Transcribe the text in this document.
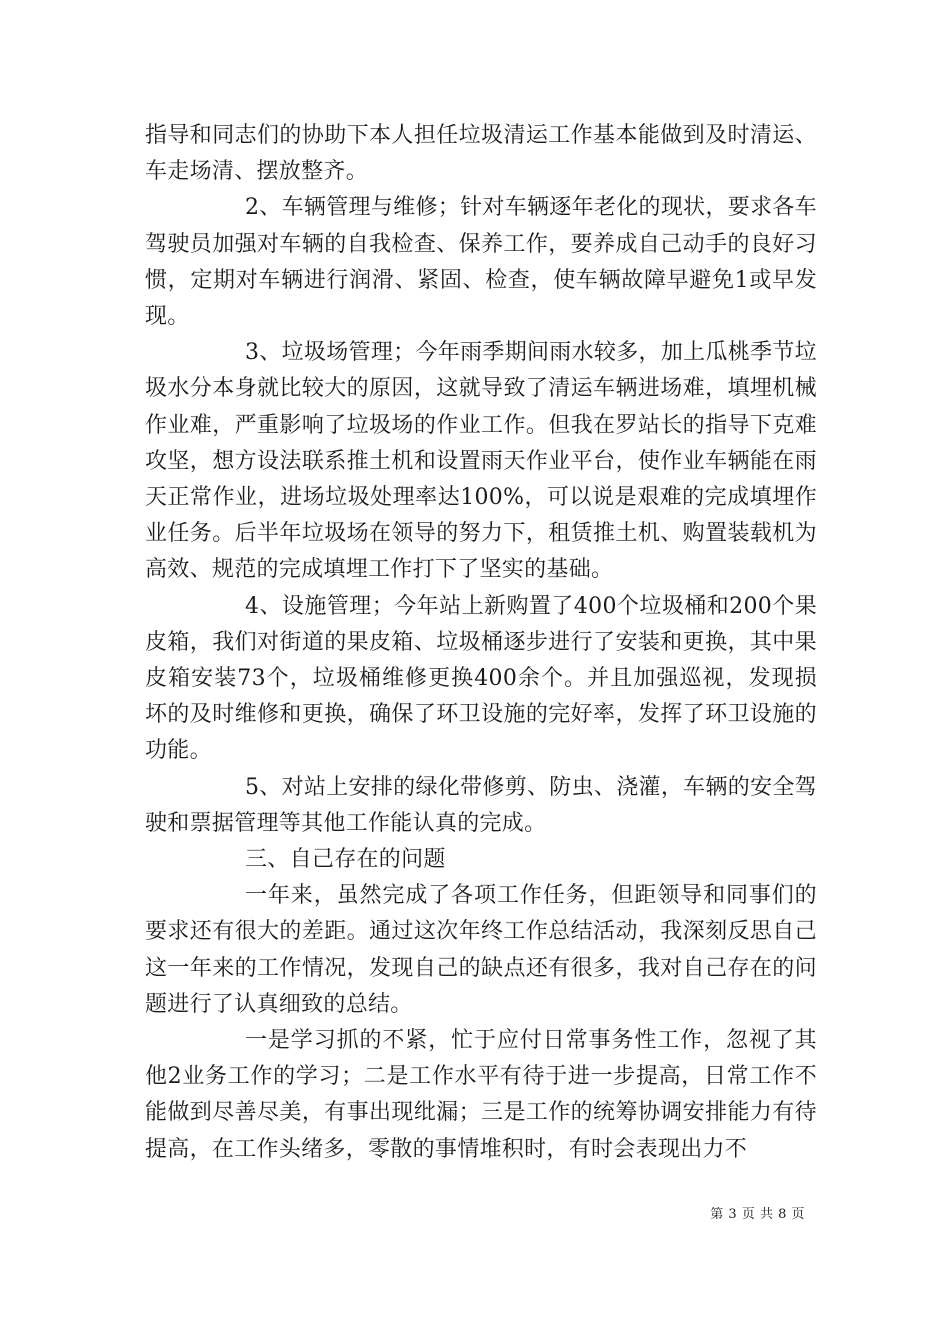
指导和同志们的协助下本人担任垃圾清运工作基本能做到及时清运、车走场清、摆放整齐。

2、车辆管理与维修；针对车辆逐年老化的现状，要求各车驾驶员加强对车辆的自我检查、保养工作，要养成自己动手的良好习惯，定期对车辆进行润滑、紧固、检查，使车辆故障早避免1或早发现。

3、垃圾场管理；今年雨季期间雨水较多，加上瓜桃季节垃圾水分本身就比较大的原因，这就导致了清运车辆进场难，填埋机械作业难，严重影响了垃圾场的作业工作。但我在罗站长的指导下克难攻坚，想方设法联系推土机和设置雨天作业平台，使作业车辆能在雨天正常作业，进场垃圾处理率达100%，可以说是艰难的完成填埋作业任务。后半年垃圾场在领导的努力下，租赁推土机、购置装载机为高效、规范的完成填埋工作打下了坚实的基础。

4、设施管理；今年站上新购置了400个垃圾桶和200个果皮箱，我们对街道的果皮箱、垃圾桶逐步进行了安装和更换，其中果皮箱安装73个，垃圾桶维修更换400余个。并且加强巡视，发现损坏的及时维修和更换，确保了环卫设施的完好率，发挥了环卫设施的功能。

5、对站上安排的绿化带修剪、防虫、浇灌，车辆的安全驾驶和票据管理等其他工作能认真的完成。

三、自己存在的问题

一年来，虽然完成了各项工作任务，但距领导和同事们的要求还有很大的差距。通过这次年终工作总结活动，我深刻反思自己这一年来的工作情况，发现自己的缺点还有很多，我对自己存在的问题进行了认真细致的总结。

一是学习抓的不紧，忙于应付日常事务性工作，忽视了其他2业务工作的学习；二是工作水平有待于进一步提高，日常工作不能做到尽善尽美，有事出现纰漏；三是工作的统筹协调安排能力有待提高，在工作头绪多，零散的事情堆积时，有时会表现出力不

第 3 页 共 8 页
